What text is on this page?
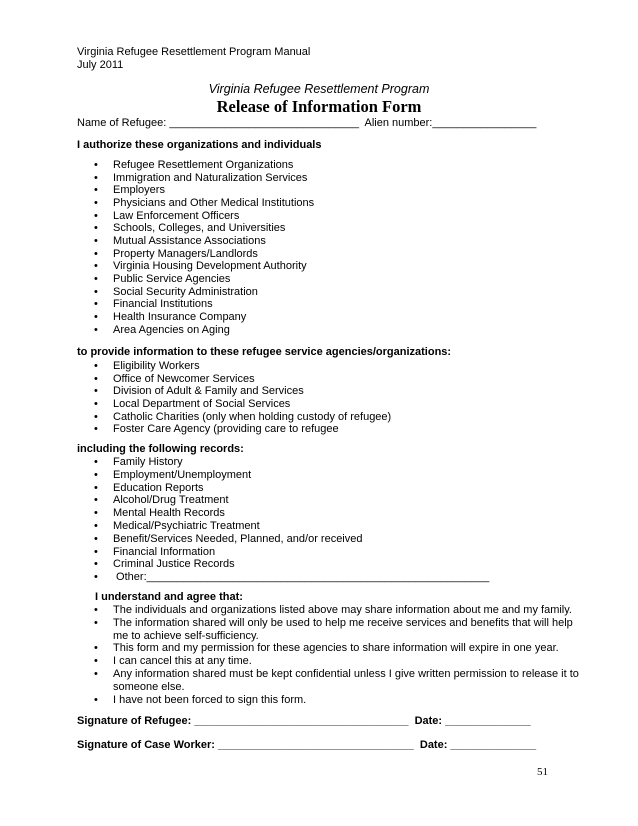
Virginia Refugee Resettlement Program Manual
July 2011
Virginia Refugee Resettlement Program
Release of Information Form
Name of Refugee: _______________________________  Alien number:_________________
I authorize these organizations and individuals
• Refugee Resettlement Organizations
• Immigration and Naturalization Services
• Employers
• Physicians and Other Medical Institutions
• Law Enforcement Officers
• Schools, Colleges, and Universities
• Mutual Assistance Associations
• Property Managers/Landlords
• Virginia Housing Development Authority
• Public Service Agencies
• Social Security Administration
• Financial Institutions
• Health Insurance Company
• Area Agencies on Aging
to provide information to these refugee service agencies/organizations:
• Eligibility Workers
• Office of Newcomer Services
• Division of Adult & Family and Services
• Local Department of Social Services
• Catholic Charities (only when holding custody of refugee)
• Foster Care Agency (providing care to refugee
including the following records:
• Family History
• Employment/Unemployment
• Education Reports
• Alcohol/Drug Treatment
• Mental Health Records
• Medical/Psychiatric Treatment
• Benefit/Services Needed, Planned, and/or received
• Financial Information
• Criminal Justice Records
•  Other:________________________________________________________
I understand and agree that:
• The individuals and organizations listed above may share information about me and my family.
• The information shared will only be used to help me receive services and benefits that will help
me to achieve self-sufficiency.
• This form and my permission for these agencies to share information will expire in one year.
• I can cancel this at any time.
• Any information shared must be kept confidential unless I give written permission to release it to
someone else.
• I have not been forced to sign this form.
Signature of Refugee: ___________________________________  Date: ______________
Signature of Case Worker: ________________________________  Date: ______________
51
